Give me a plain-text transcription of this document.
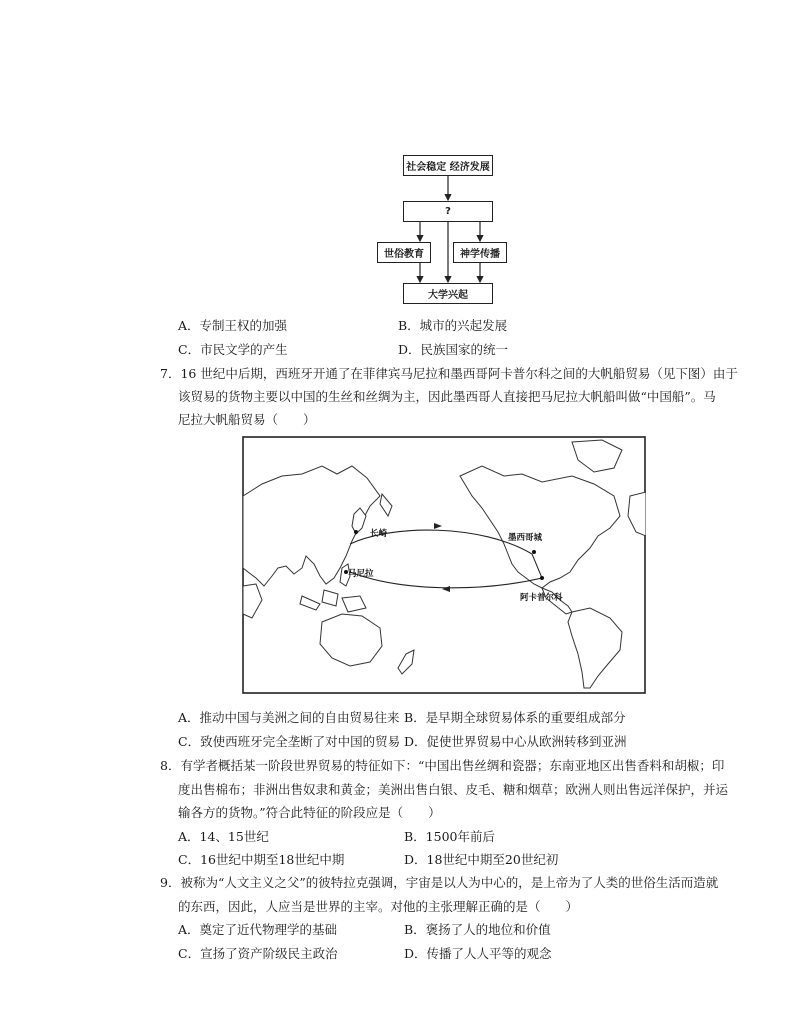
社会稳定 经济发展
?
世俗教育	神学传播
大学兴起
A．专制王权的加强	B．城市的兴起发展
C．市民文学的产生	D．民族国家的统一
7．16 世纪中后期，西班牙开通了在菲律宾马尼拉和墨西哥阿卡普尔科之间的大帆船贸易（见下图）由于
该贸易的货物主要以中国的生丝和丝绸为主，因此墨西哥人直接把马尼拉大帆船叫做“中国船”。马
尼拉大帆船贸易（　　）
长崎
马尼拉
墨西哥城
阿卡普尔科
A．推动中国与美洲之间的自由贸易往来 B．是早期全球贸易体系的重要组成部分
C．致使西班牙完全垄断了对中国的贸易 D．促使世界贸易中心从欧洲转移到亚洲
8．有学者概括某一阶段世界贸易的特征如下：“中国出售丝绸和瓷器；东南亚地区出售香料和胡椒；印
度出售棉布；非洲出售奴隶和黄金；美洲出售白银、皮毛、糖和烟草；欧洲人则出售远洋保护，并运
输各方的货物。”符合此特征的阶段应是（　　）
A．14、15世纪	B．1500年前后
C．16世纪中期至18世纪中期	D．18世纪中期至20世纪初
9．被称为“人文主义之父”的彼特拉克强调，宇宙是以人为中心的，是上帝为了人类的世俗生活而造就
的东西，因此，人应当是世界的主宰。对他的主张理解正确的是（　　）
A．奠定了近代物理学的基础	B．褒扬了人的地位和价值
C．宣扬了资产阶级民主政治	D．传播了人人平等的观念
